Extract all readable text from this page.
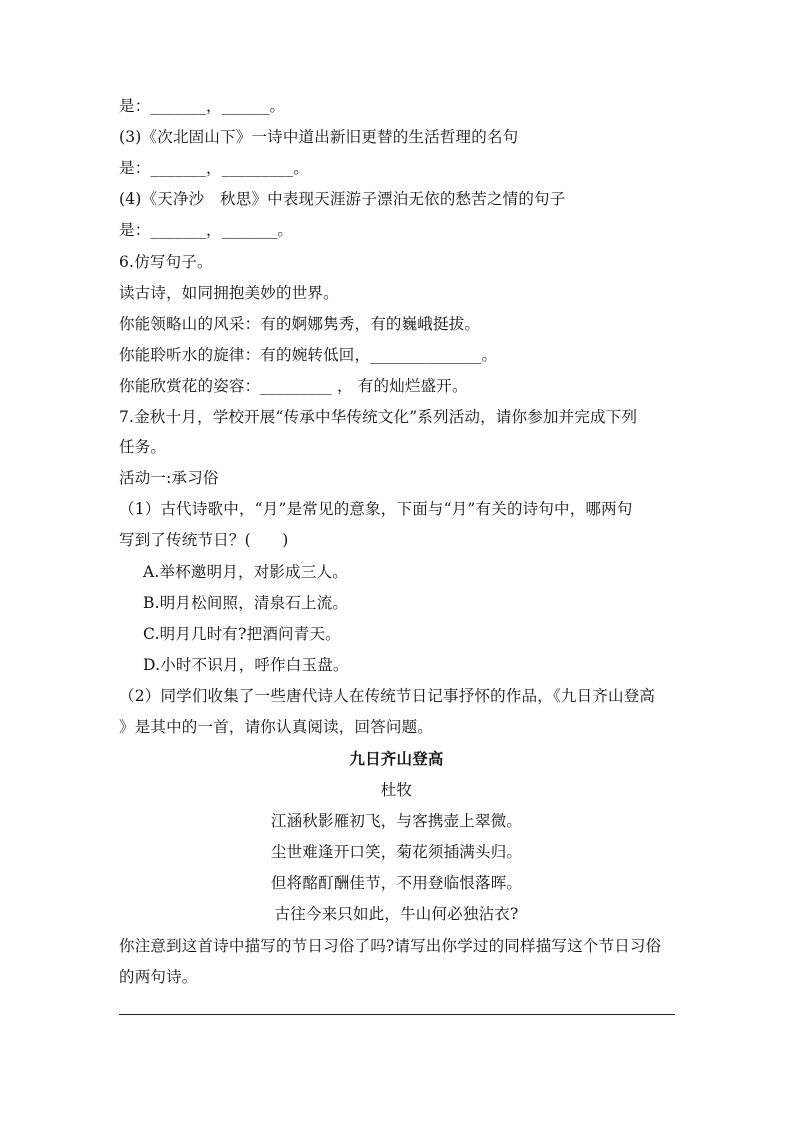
是：_______，______。
(3)《次北固山下》一诗中道出新旧更替的生活哲理的名句
是：_______，_________。
(4)《天净沙　秋思》中表现天涯游子漂泊无依的愁苦之情的句子
是：_______，_______。
6.仿写句子。
读古诗，如同拥抱美妙的世界。
你能领略山的风采：有的婀娜隽秀，有的巍峨挺拔。
你能聆听水的旋律：有的婉转低回，______________。
你能欣赏花的姿容：_________ ， 有的灿烂盛开。
7.金秋十月，学校开展“传承中华传统文化”系列活动，请你参加并完成下列
任务。
活动一:承习俗
（1）古代诗歌中，“月”是常见的意象，下面与“月”有关的诗句中，哪两句
写到了传统节日？(　　)
A.举杯邀明月，对影成三人。
B.明月松间照，清泉石上流。
C.明月几时有?把酒问青天。
D.小时不识月，呼作白玉盘。
（2）同学们收集了一些唐代诗人在传统节日记事抒怀的作品，《九日齐山登高
》是其中的一首，请你认真阅读，回答问题。
九日齐山登高
杜牧
江涵秋影雁初飞，与客携壶上翠微。
尘世难逢开口笑，菊花须插满头归。
但将酩酊酬佳节，不用登临恨落晖。
古往今来只如此，牛山何必独沾衣?
你注意到这首诗中描写的节日习俗了吗?请写出你学过的同样描写这个节日习俗
的两句诗。
